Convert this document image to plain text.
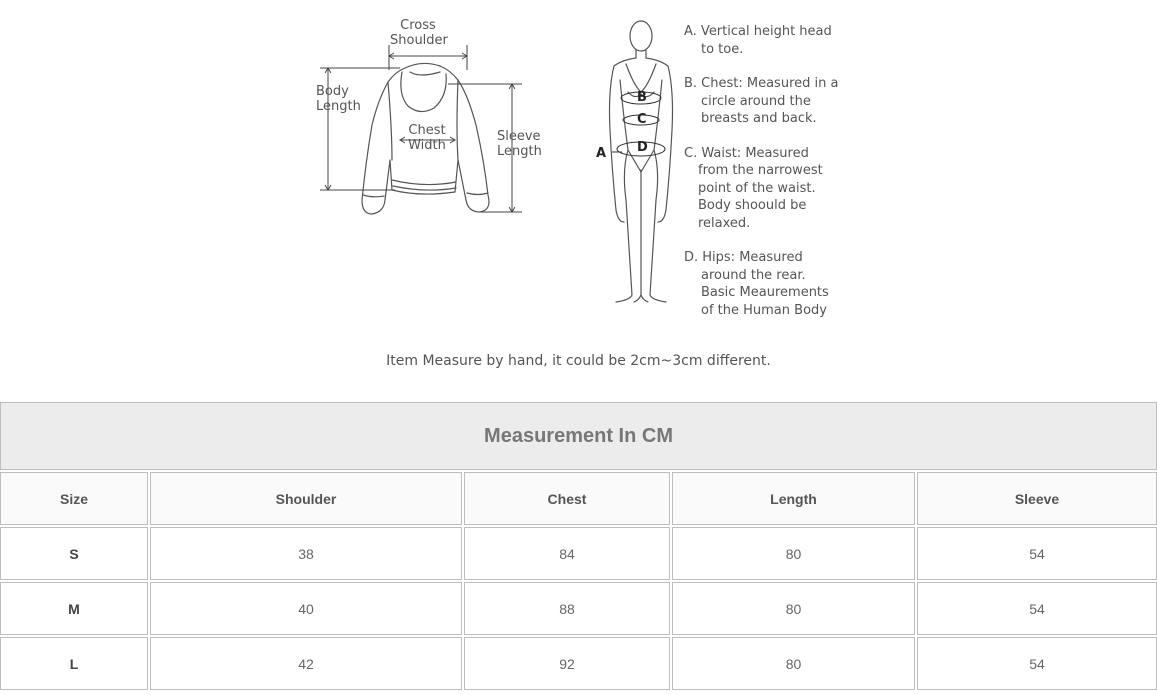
Cross
Shoulder
Body
Length
Chest
Width
Sleeve
Length	A
B
C
D
A. Vertical height head
to toe.
B. Chest: Measured in a
circle around the
breasts and back.
C. Waist: Measured
from the narrowest
point of the waist.
Body shoould be
relaxed.
D. Hips: Measured
around the rear.
Basic Meaurements
of the Human Body
Item Measure by hand, it could be 2cm~3cm different.
Measurement In CM				
Size	Shoulder	Chest	Length	Sleeve
S	38	84	80	54
M	40	88	80	54
L	42	92	80	54
